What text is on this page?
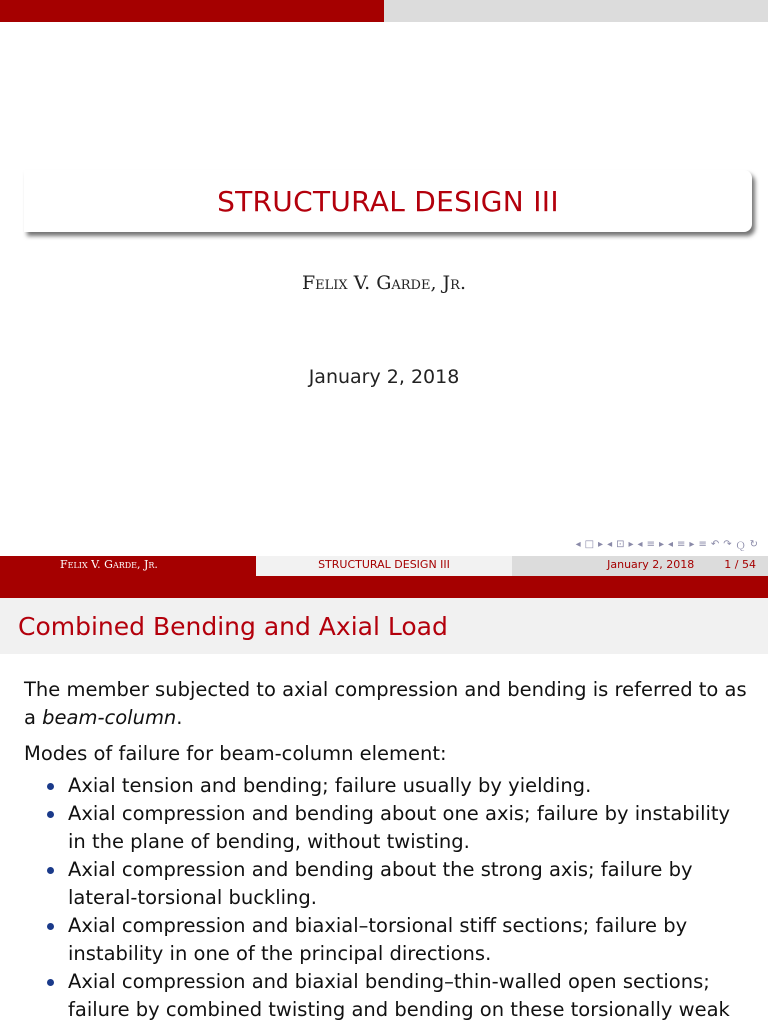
STRUCTURAL DESIGN III
Felix V. Garde, Jr.
January 2, 2018
◂ □ ▸ ◂ ⊡ ▸ ◂ ≡ ▸ ◂ ≡ ▸ ≡ ↶ ↷ Ｑ ↻
Felix V. Garde, Jr.	STRUCTURAL DESIGN III	January 2, 2018	1 / 54
Combined Bending and Axial Load

The member subjected to axial compression and bending is referred to as a beam-column.

Modes of failure for beam-column element:

Axial tension and bending; failure usually by yielding.
Axial compression and bending about one axis; failure by instability in the plane of bending, without twisting.
Axial compression and bending about the strong axis; failure by lateral-torsional buckling.
Axial compression and biaxial–torsional stiff sections; failure by instability in one of the principal directions.
Axial compression and biaxial bending–thin-walled open sections; failure by combined twisting and bending on these torsionally weak
